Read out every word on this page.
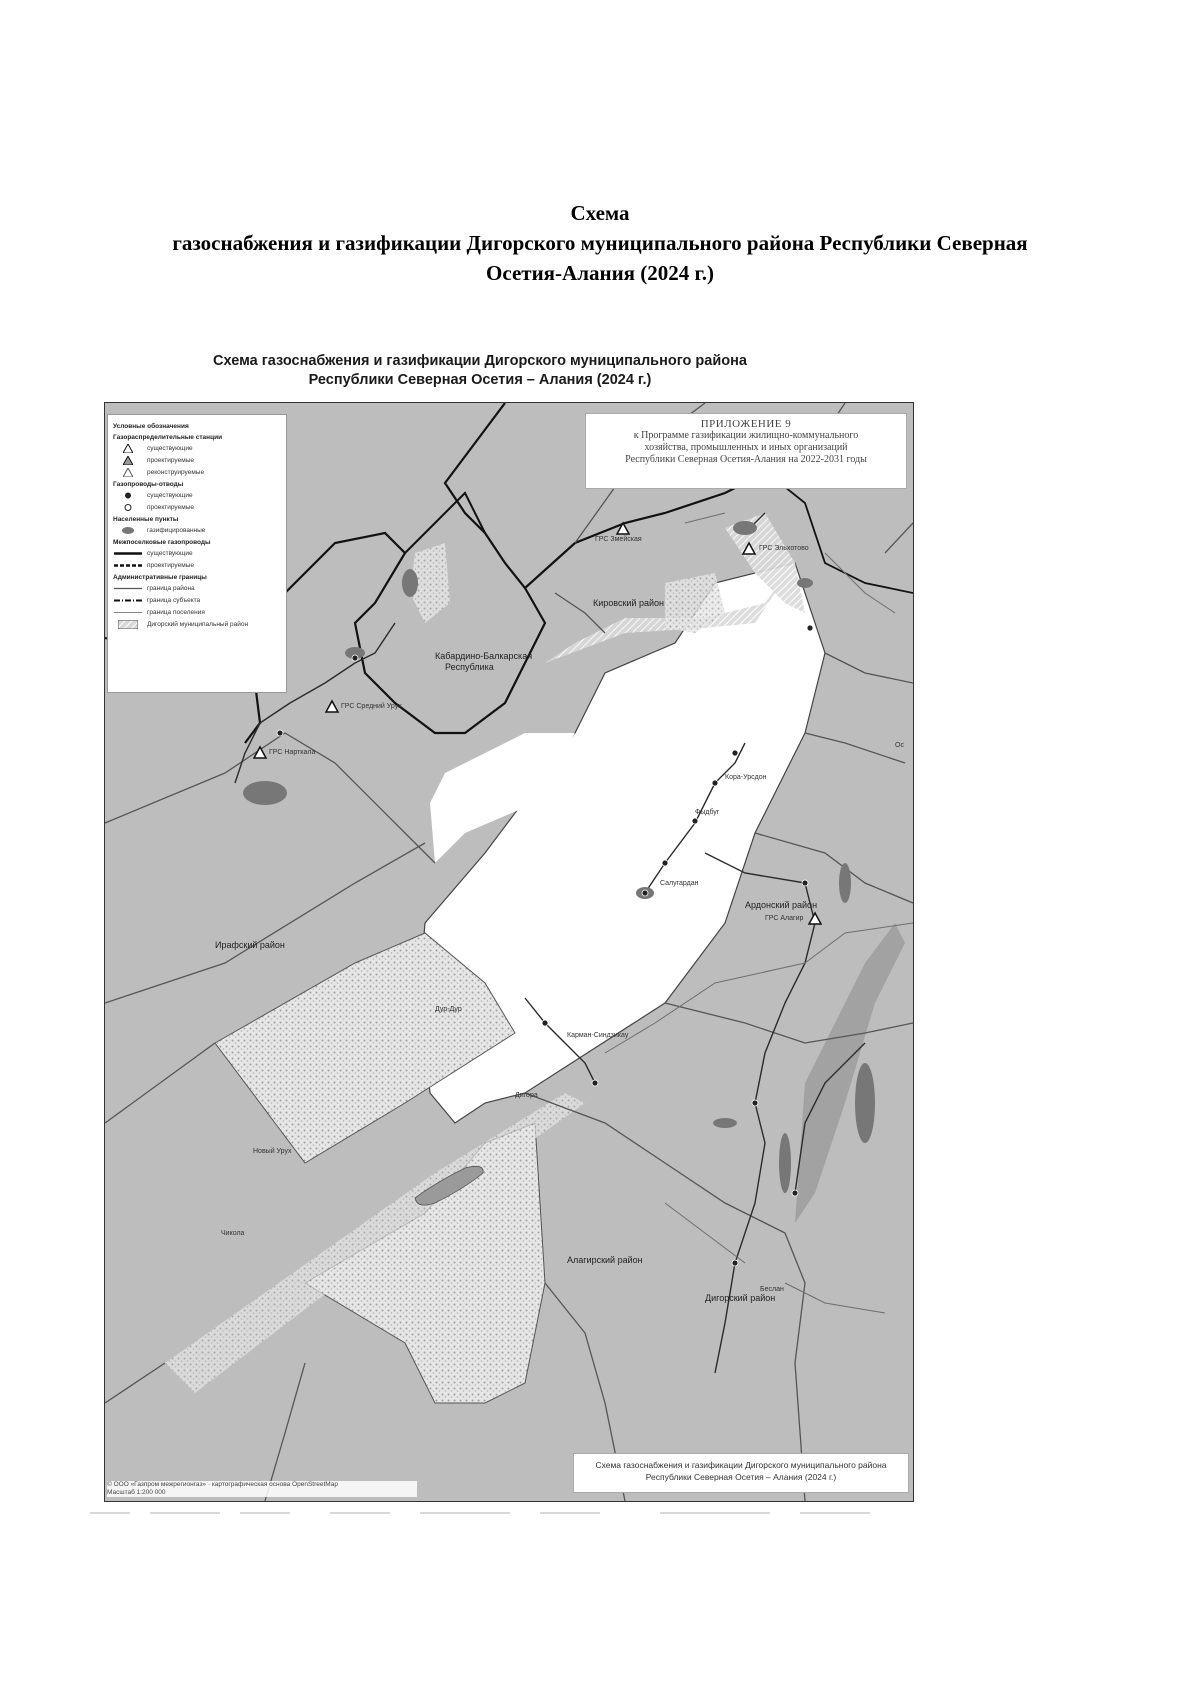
Схема
газоснабжения и газификации Дигорского муниципального района Республики Северная
Осетия-Алания (2024 г.)
Схема газоснабжения и газификации Дигорского муниципального района
Республики Северная Осетия – Алания (2024 г.)
Условные обозначения
Газораспределительные станции
существующие
проектируемые
реконструируемые
Газопроводы-отводы
существующие
проектируемые
Населенные пункты
газифицированные
Межпоселковые газопроводы
существующие
проектируемые
Административные границы
граница района
граница субъекта
граница поселения
Дигорский муниципальный район
ПРИЛОЖЕНИЕ 9
к Программе газификации жилищно-коммунального
хозяйства, промышленных и иных организаций
Республики Северная Осетия-Алания на 2022-2031 годы
ГРС Змейская
ГРС Эльхотово
ГРС Средний Урух
ГРС Нарткала
ГРС Алагир
Кировский район
Кабардино-Балкарская
Республика
Ирафский район
Ардонский район
Алагирский район
Дигорский район
Дур-Дур
Карман-Синдзикау
Дигора
Фыдбуг
Кора-Урсдон
Салугардан
Беслан
Новый Урух
Чикола
Ос
Схема газоснабжения и газификации Дигорского муниципального района
Республики Северная Осетия – Алания (2024 г.)
© ООО «Газпром межрегионгаз» · картографическая основа OpenStreetMap
Масштаб 1:200 000
